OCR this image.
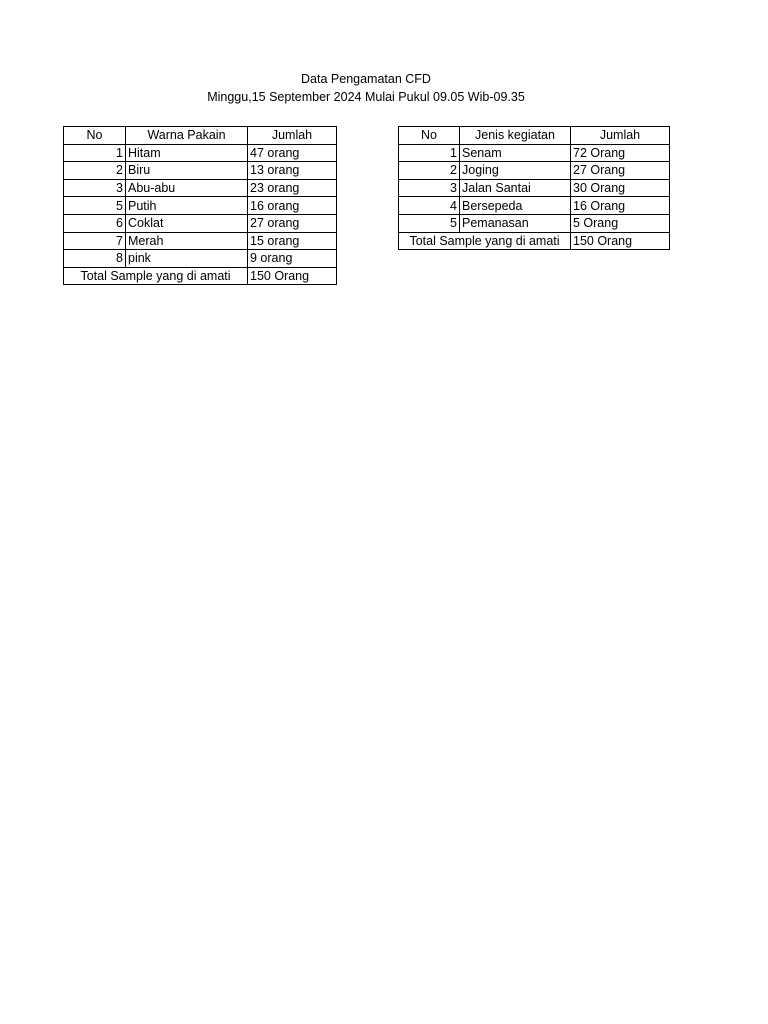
Data Pengamatan CFD
Minggu,15 September 2024 Mulai Pukul 09.05 Wib-09.35
No	Warna Pakain	Jumlah
1	Hitam	47 orang
2	Biru	13 orang
3	Abu-abu	23 orang
5	Putih	16 orang
6	Coklat	27 orang
7	Merah	15 orang
8	pink	9 orang
Total Sample yang di amati		150 Orang
No	Jenis kegiatan	Jumlah
1	Senam	72 Orang
2	Joging	27 Orang
3	Jalan Santai	30 Orang
4	Bersepeda	16 Orang
5	Pemanasan	5 Orang
Total Sample yang di amati		150 Orang
